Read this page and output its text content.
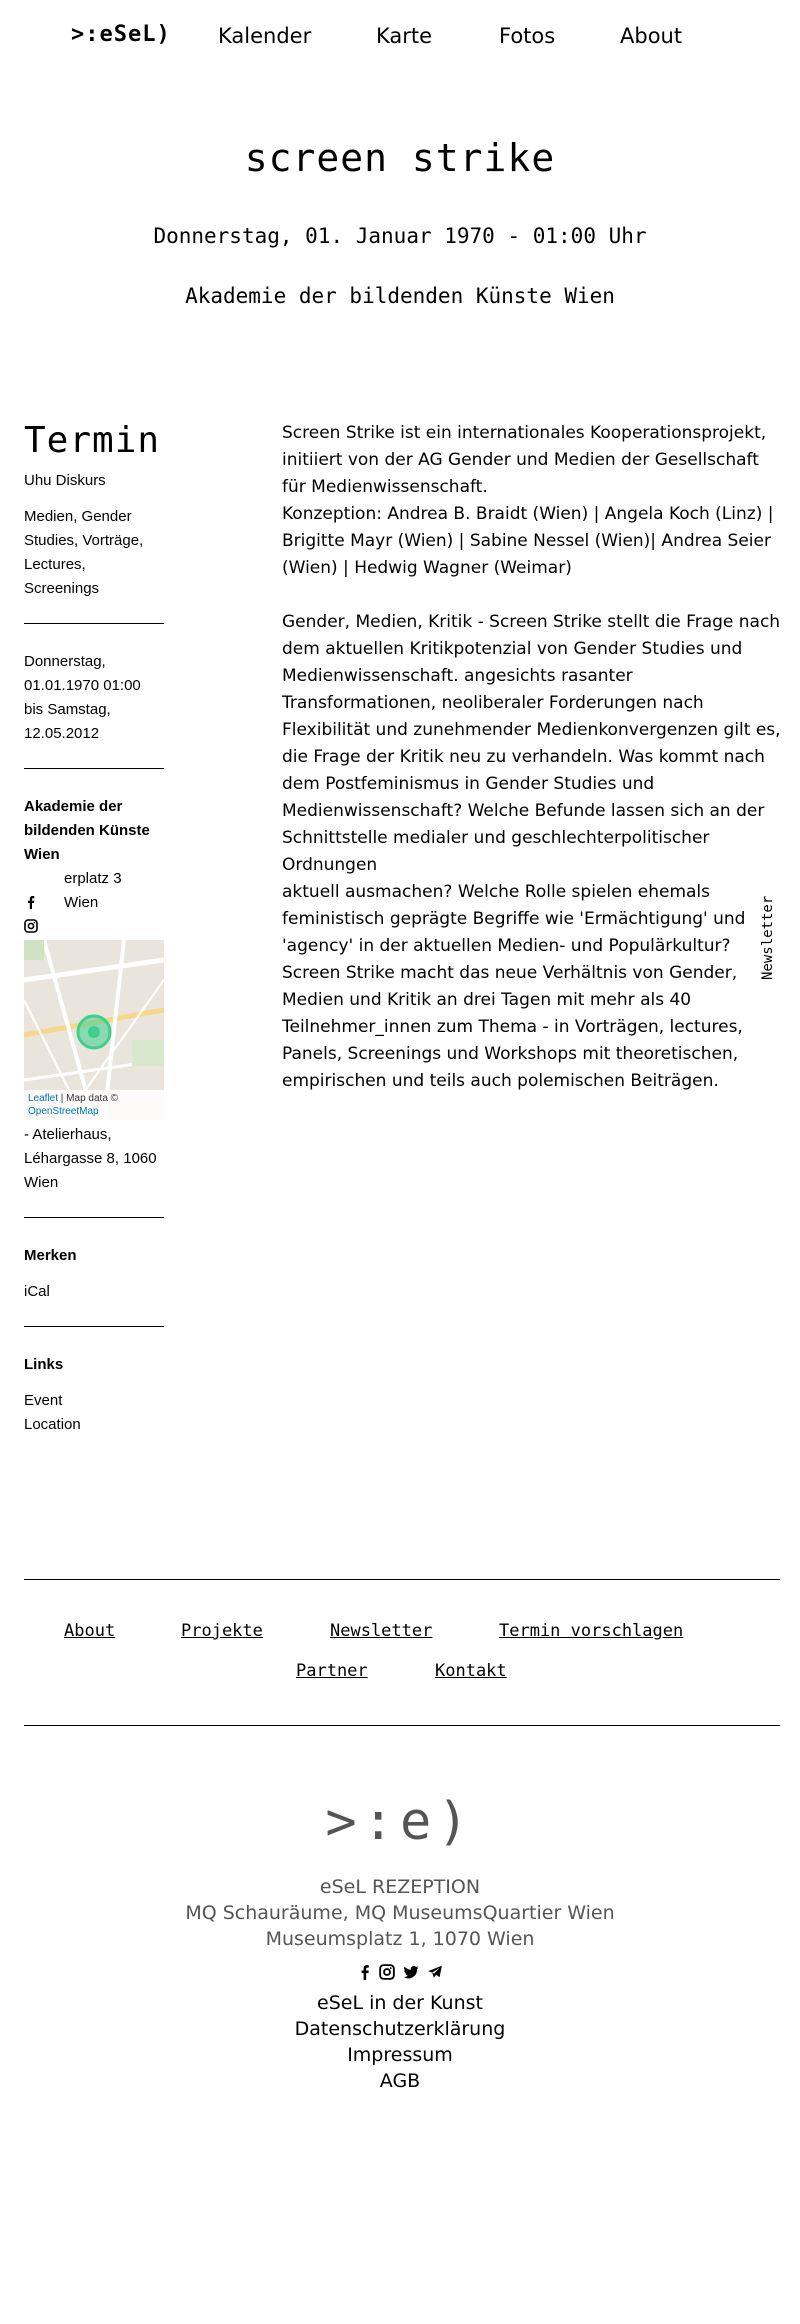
>:eSeL) Kalender	Karte	Fotos	About
screen strike
Donnerstag, 01. Januar 1970 - 01:00 Uhr
Akademie der bildenden Künste Wien
Termin
Uhu Diskurs
Medien, Gender Studies, Vorträge, Lectures, Screenings
Donnerstag, 01.01.1970 01:00 bis Samstag, 12.05.2012
Akademie der bildenden Künste Wien
erplatz 3
Wien
- Atelierhaus, Léhargasse 8, 1060 Wien
Merken
iCal
Links
Event
Location
Leaflet | Map data ©
OpenStreetMap

Screen Strike ist ein internationales Kooperationsprojekt, initiiert von der AG Gender und Medien der Gesellschaft für Medienwissenschaft.

Konzeption: Andrea B. Braidt (Wien) | Angela Koch (Linz) | Brigitte Mayr (Wien) | Sabine Nessel (Wien)| Andrea Seier (Wien) | Hedwig Wagner (Weimar)

Gender, Medien, Kritik - Screen Strike stellt die Frage nach dem aktuellen Kritikpotenzial von Gender Studies und Medienwissenschaft. angesichts rasanter Transformationen, neoliberaler Forderungen nach Flexibilität und zunehmender Medienkonvergenzen gilt es, die Frage der Kritik neu zu verhandeln. Was kommt nach dem Postfeminismus in Gender Studies und Medienwissenschaft? Welche Befunde lassen sich an der Schnittstelle medialer und geschlechterpolitischer Ordnungen

aktuell ausmachen? Welche Rolle spielen ehemals feministisch geprägte Begriffe wie 'Ermächtigung' und 'agency' in der aktuellen Medien- und Populärkultur? Screen Strike macht das neue Verhältnis von Gender, Medien und Kritik an drei Tagen mit mehr als 40 Teilnehmer_innen zum Thema - in Vorträgen, lectures, Panels, Screenings und Workshops mit theoretischen, empirischen und teils auch polemischen Beiträgen.

Newsletter
About	Projekte	Newsletter	Termin vorschlagen
Partner	Kontakt
>:e)
eSeL REZEPTION
MQ Schauräume, MQ MuseumsQuartier Wien
Museumsplatz 1, 1070 Wien
eSeL in der Kunst
Datenschutzerklärung
Impressum
AGB
